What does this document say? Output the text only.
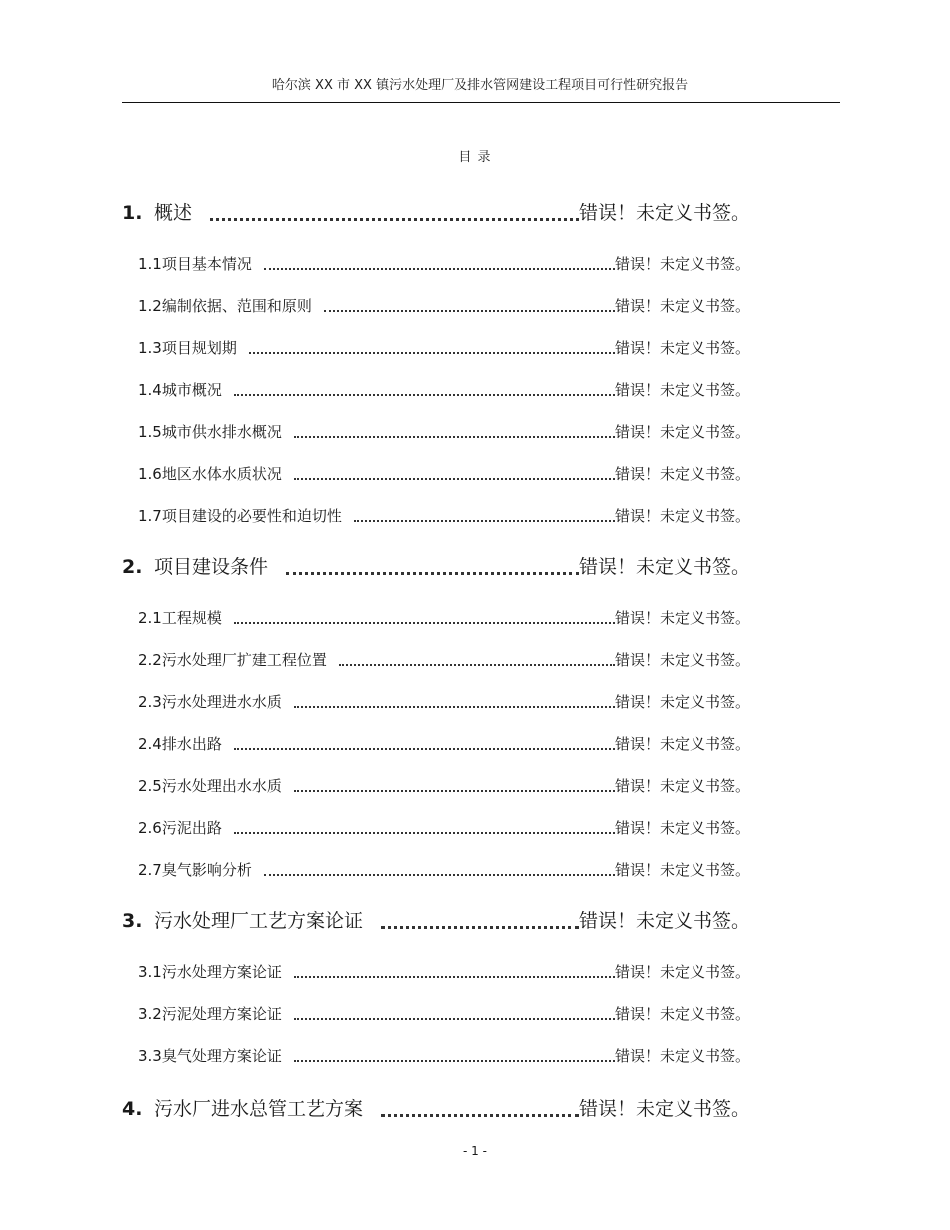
哈尔滨 XX 市 XX 镇污水处理厂及排水管网建设工程项目可行性研究报告
目 录
1. 概述	错误！未定义书签。
1.1 项目基本情况	错误！未定义书签。
1.2 编制依据、范围和原则	错误！未定义书签。
1.3 项目规划期	错误！未定义书签。
1.4 城市概况	错误！未定义书签。
1.5 城市供水排水概况	错误！未定义书签。
1.6 地区水体水质状况	错误！未定义书签。
1.7 项目建设的必要性和迫切性	错误！未定义书签。
2. 项目建设条件	错误！未定义书签。
2.1 工程规模	错误！未定义书签。
2.2 污水处理厂扩建工程位置	错误！未定义书签。
2.3 污水处理进水水质	错误！未定义书签。
2.4 排水出路	错误！未定义书签。
2.5 污水处理出水水质	错误！未定义书签。
2.6 污泥出路	错误！未定义书签。
2.7 臭气影响分析	错误！未定义书签。
3. 污水处理厂工艺方案论证	错误！未定义书签。
3.1 污水处理方案论证	错误！未定义书签。
3.2 污泥处理方案论证	错误！未定义书签。
3.3 臭气处理方案论证	错误！未定义书签。
4. 污水厂进水总管工艺方案	错误！未定义书签。
- 1 -
